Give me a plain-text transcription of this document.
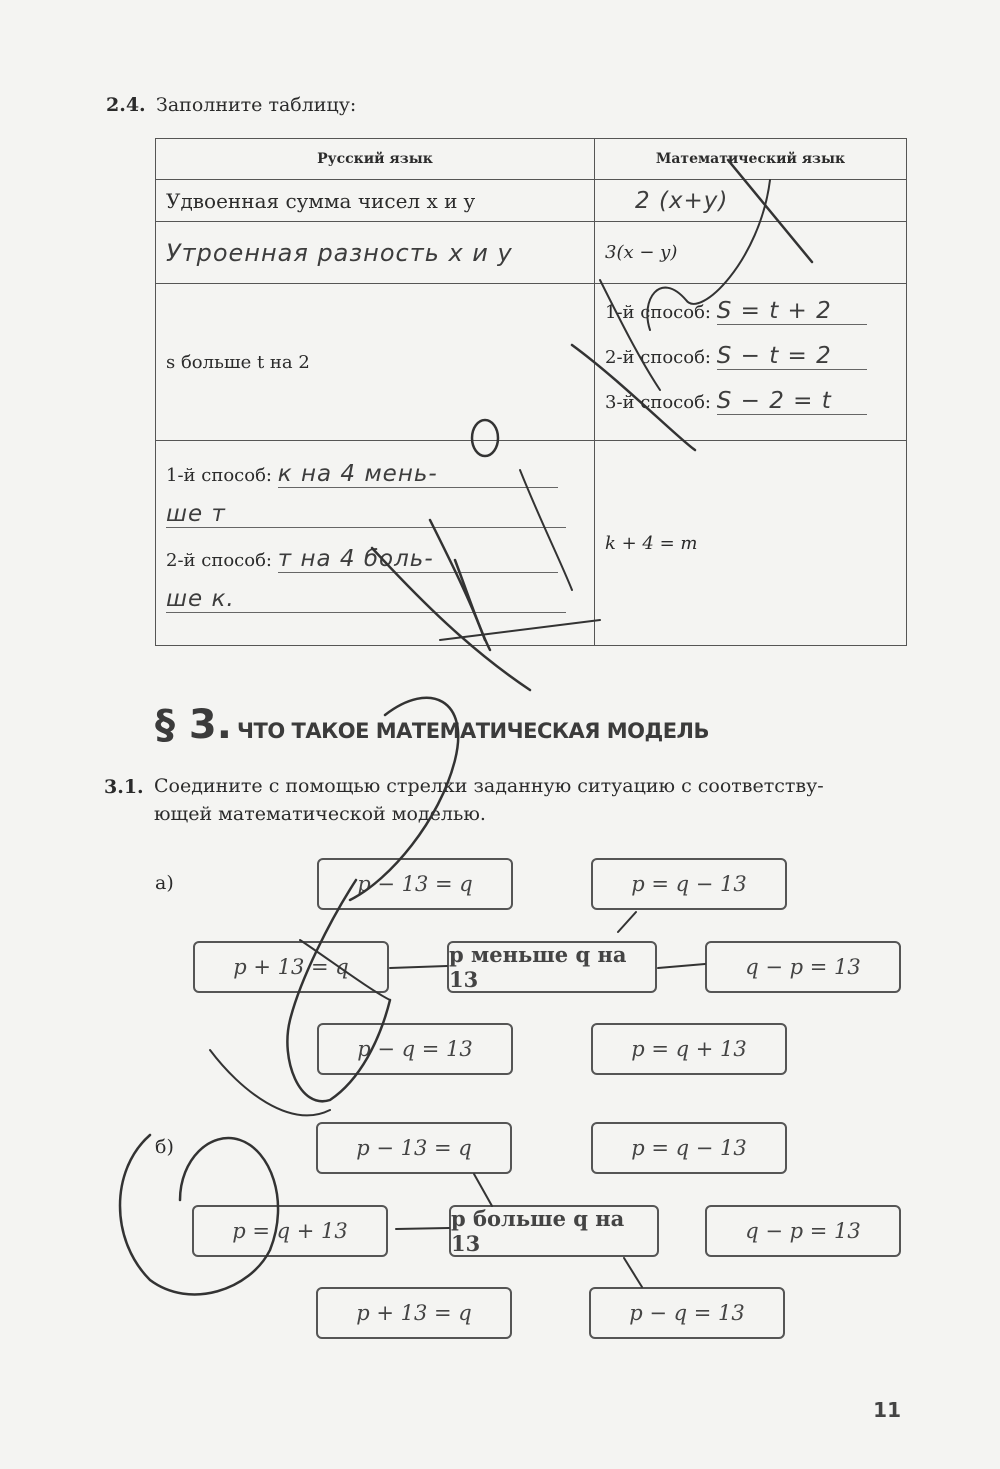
2.4. Заполните таблицу:
Русский язык	Математический язык
Удвоенная сумма чисел x и y	2 (x+y)
Утроенная разность x и y	3(x − y)
s больше t на 2	1-й способ: S = t + 2
2-й способ: S − t = 2
3-й способ: S − 2 = t

1-й способ: к на 4 мень-
ше т
2-й способ: т на 4 боль-
ше к.	k + 4 = m
§ 3. ЧТО ТАКОЕ МАТЕМАТИЧЕСКАЯ МОДЕЛЬ
3.1. Соедините с помощью стрелки заданную ситуацию с соответству-
ющей математической моделью.
а)	p − 13 = q	p = q − 13
p + 13 = q	p меньше q на 13	q − p = 13
p − q = 13	p = q + 13
б)	p − 13 = q	p = q − 13
p = q + 13	p больше q на 13	q − p = 13
p + 13 = q	p − q = 13
11
